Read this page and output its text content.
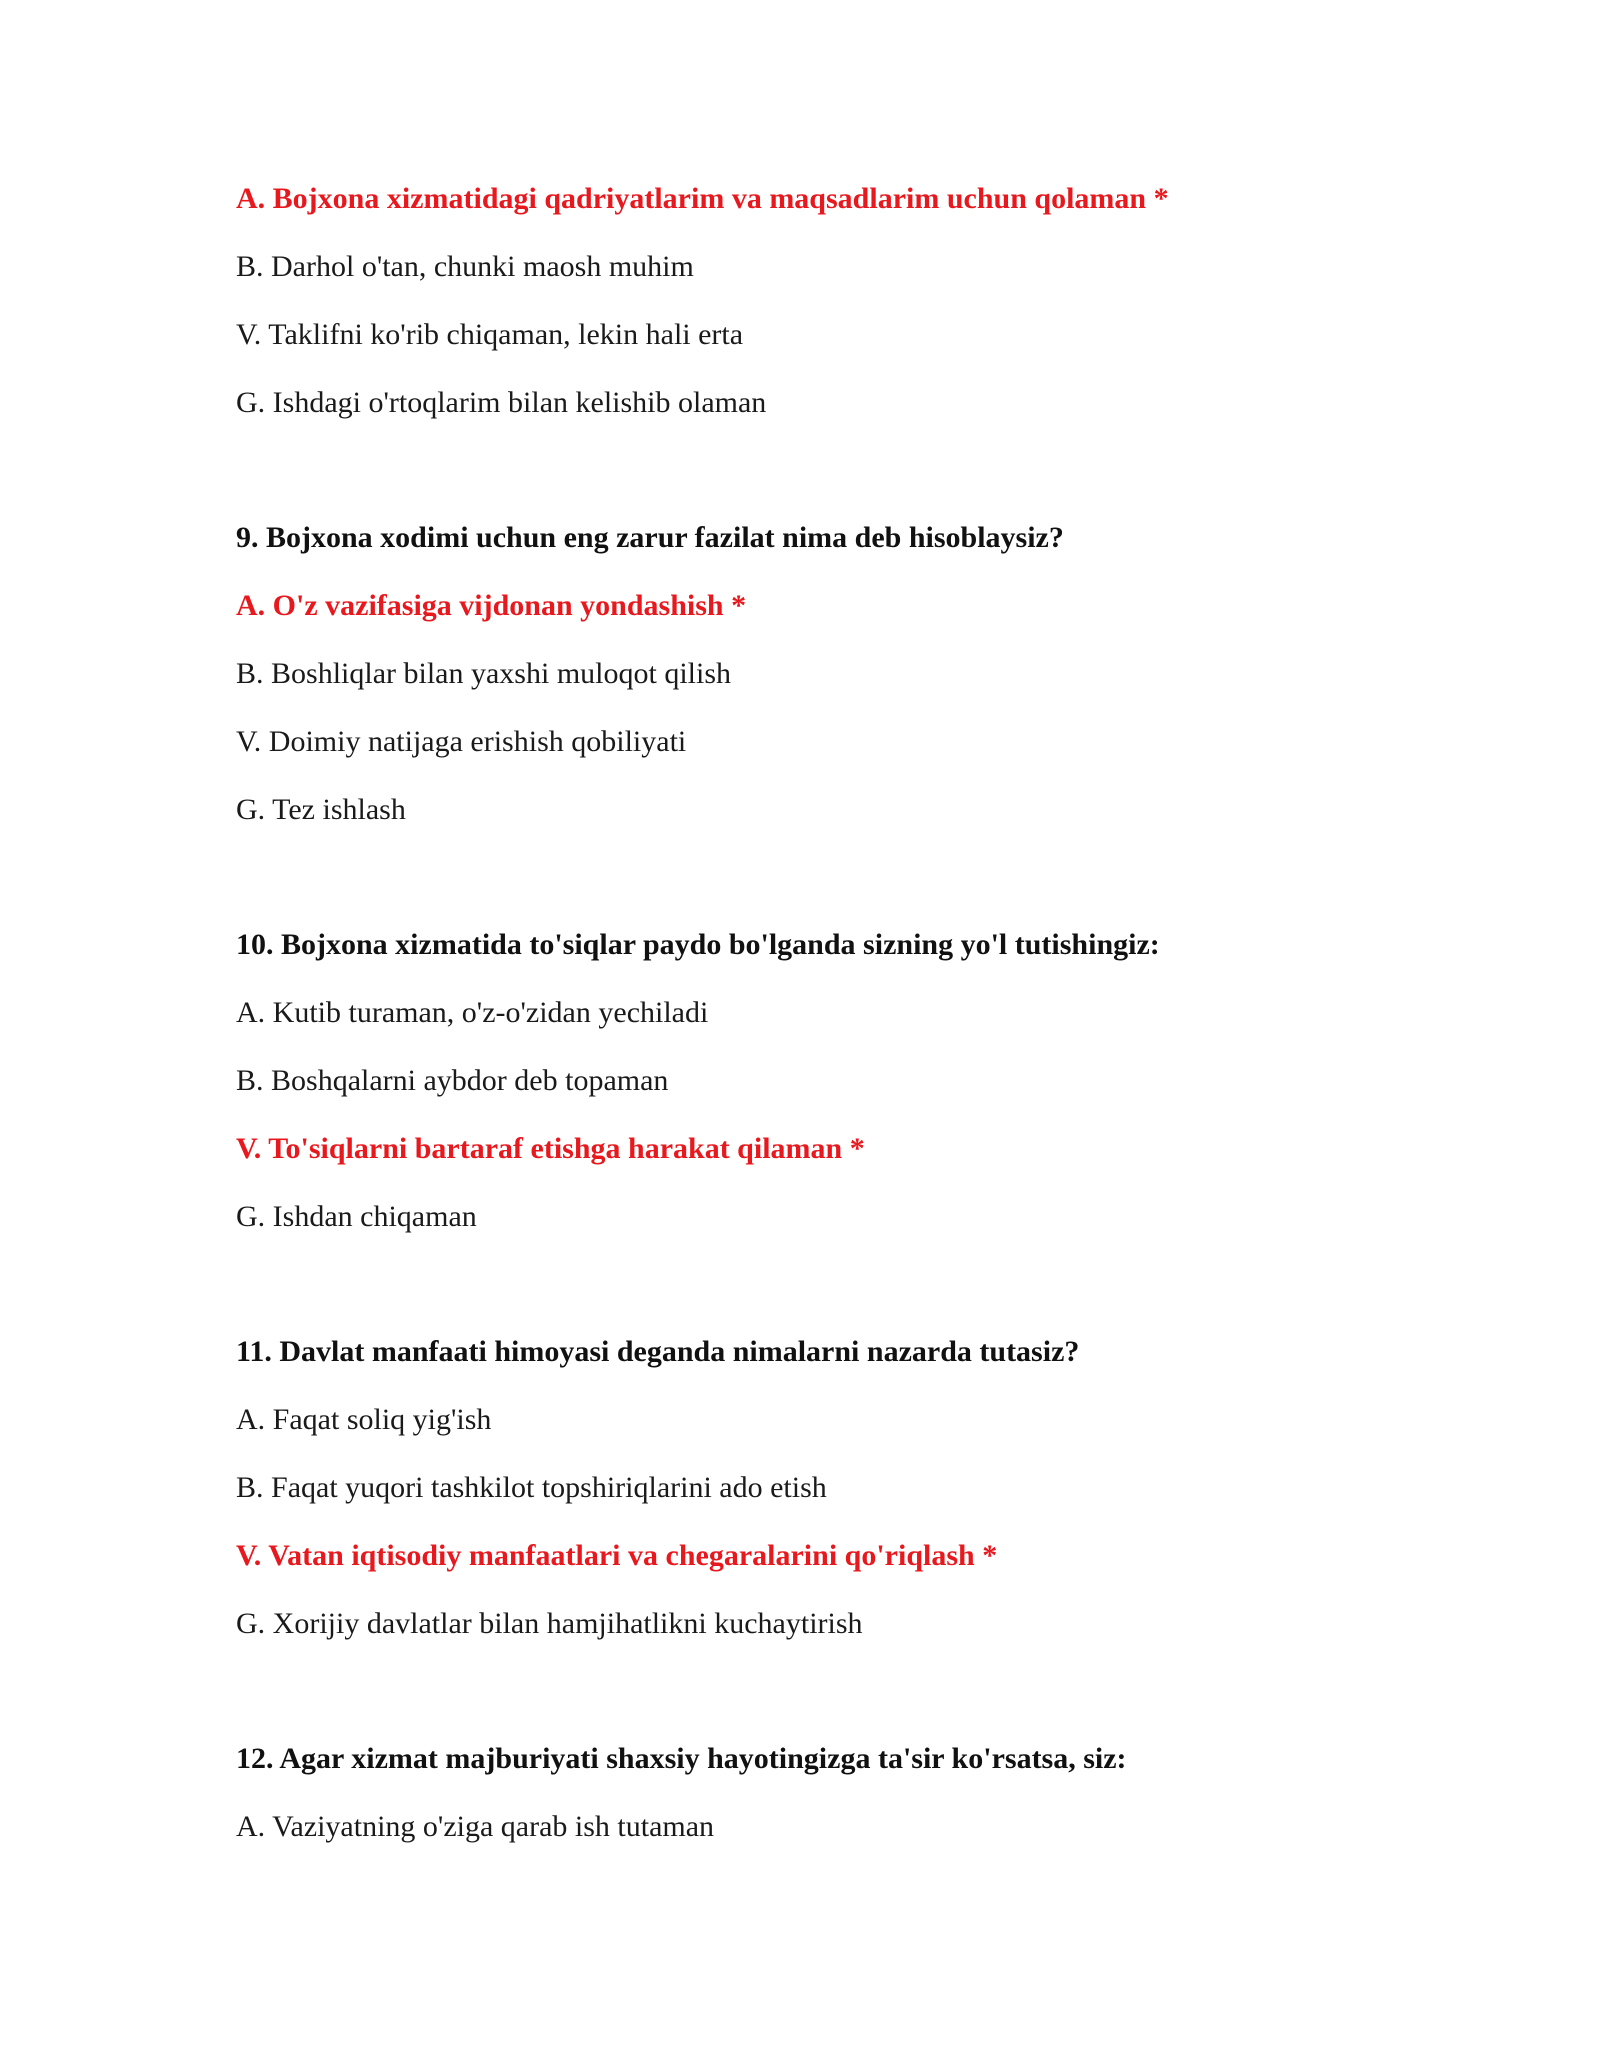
A. Bojxona xizmatidagi qadriyatlarim va maqsadlarim uchun qolaman *
B. Darhol o'tan, chunki maosh muhim
V. Taklifni ko'rib chiqaman, lekin hali erta
G. Ishdagi o'rtoqlarim bilan kelishib olaman
9. Bojxona xodimi uchun eng zarur fazilat nima deb hisoblaysiz?
A. O'z vazifasiga vijdonan yondashish *
B. Boshliqlar bilan yaxshi muloqot qilish
V. Doimiy natijaga erishish qobiliyati
G. Tez ishlash
10. Bojxona xizmatida to'siqlar paydo bo'lganda sizning yo'l tutishingiz:
A. Kutib turaman, o'z-o'zidan yechiladi
B. Boshqalarni aybdor deb topaman
V. To'siqlarni bartaraf etishga harakat qilaman *
G. Ishdan chiqaman
11. Davlat manfaati himoyasi deganda nimalarni nazarda tutasiz?
A. Faqat soliq yig'ish
B. Faqat yuqori tashkilot topshiriqlarini ado etish
V. Vatan iqtisodiy manfaatlari va chegaralarini qo'riqlash *
G. Xorijiy davlatlar bilan hamjihatlikni kuchaytirish
12. Agar xizmat majburiyati shaxsiy hayotingizga ta'sir ko'rsatsa, siz:
A. Vaziyatning o'ziga qarab ish tutaman
